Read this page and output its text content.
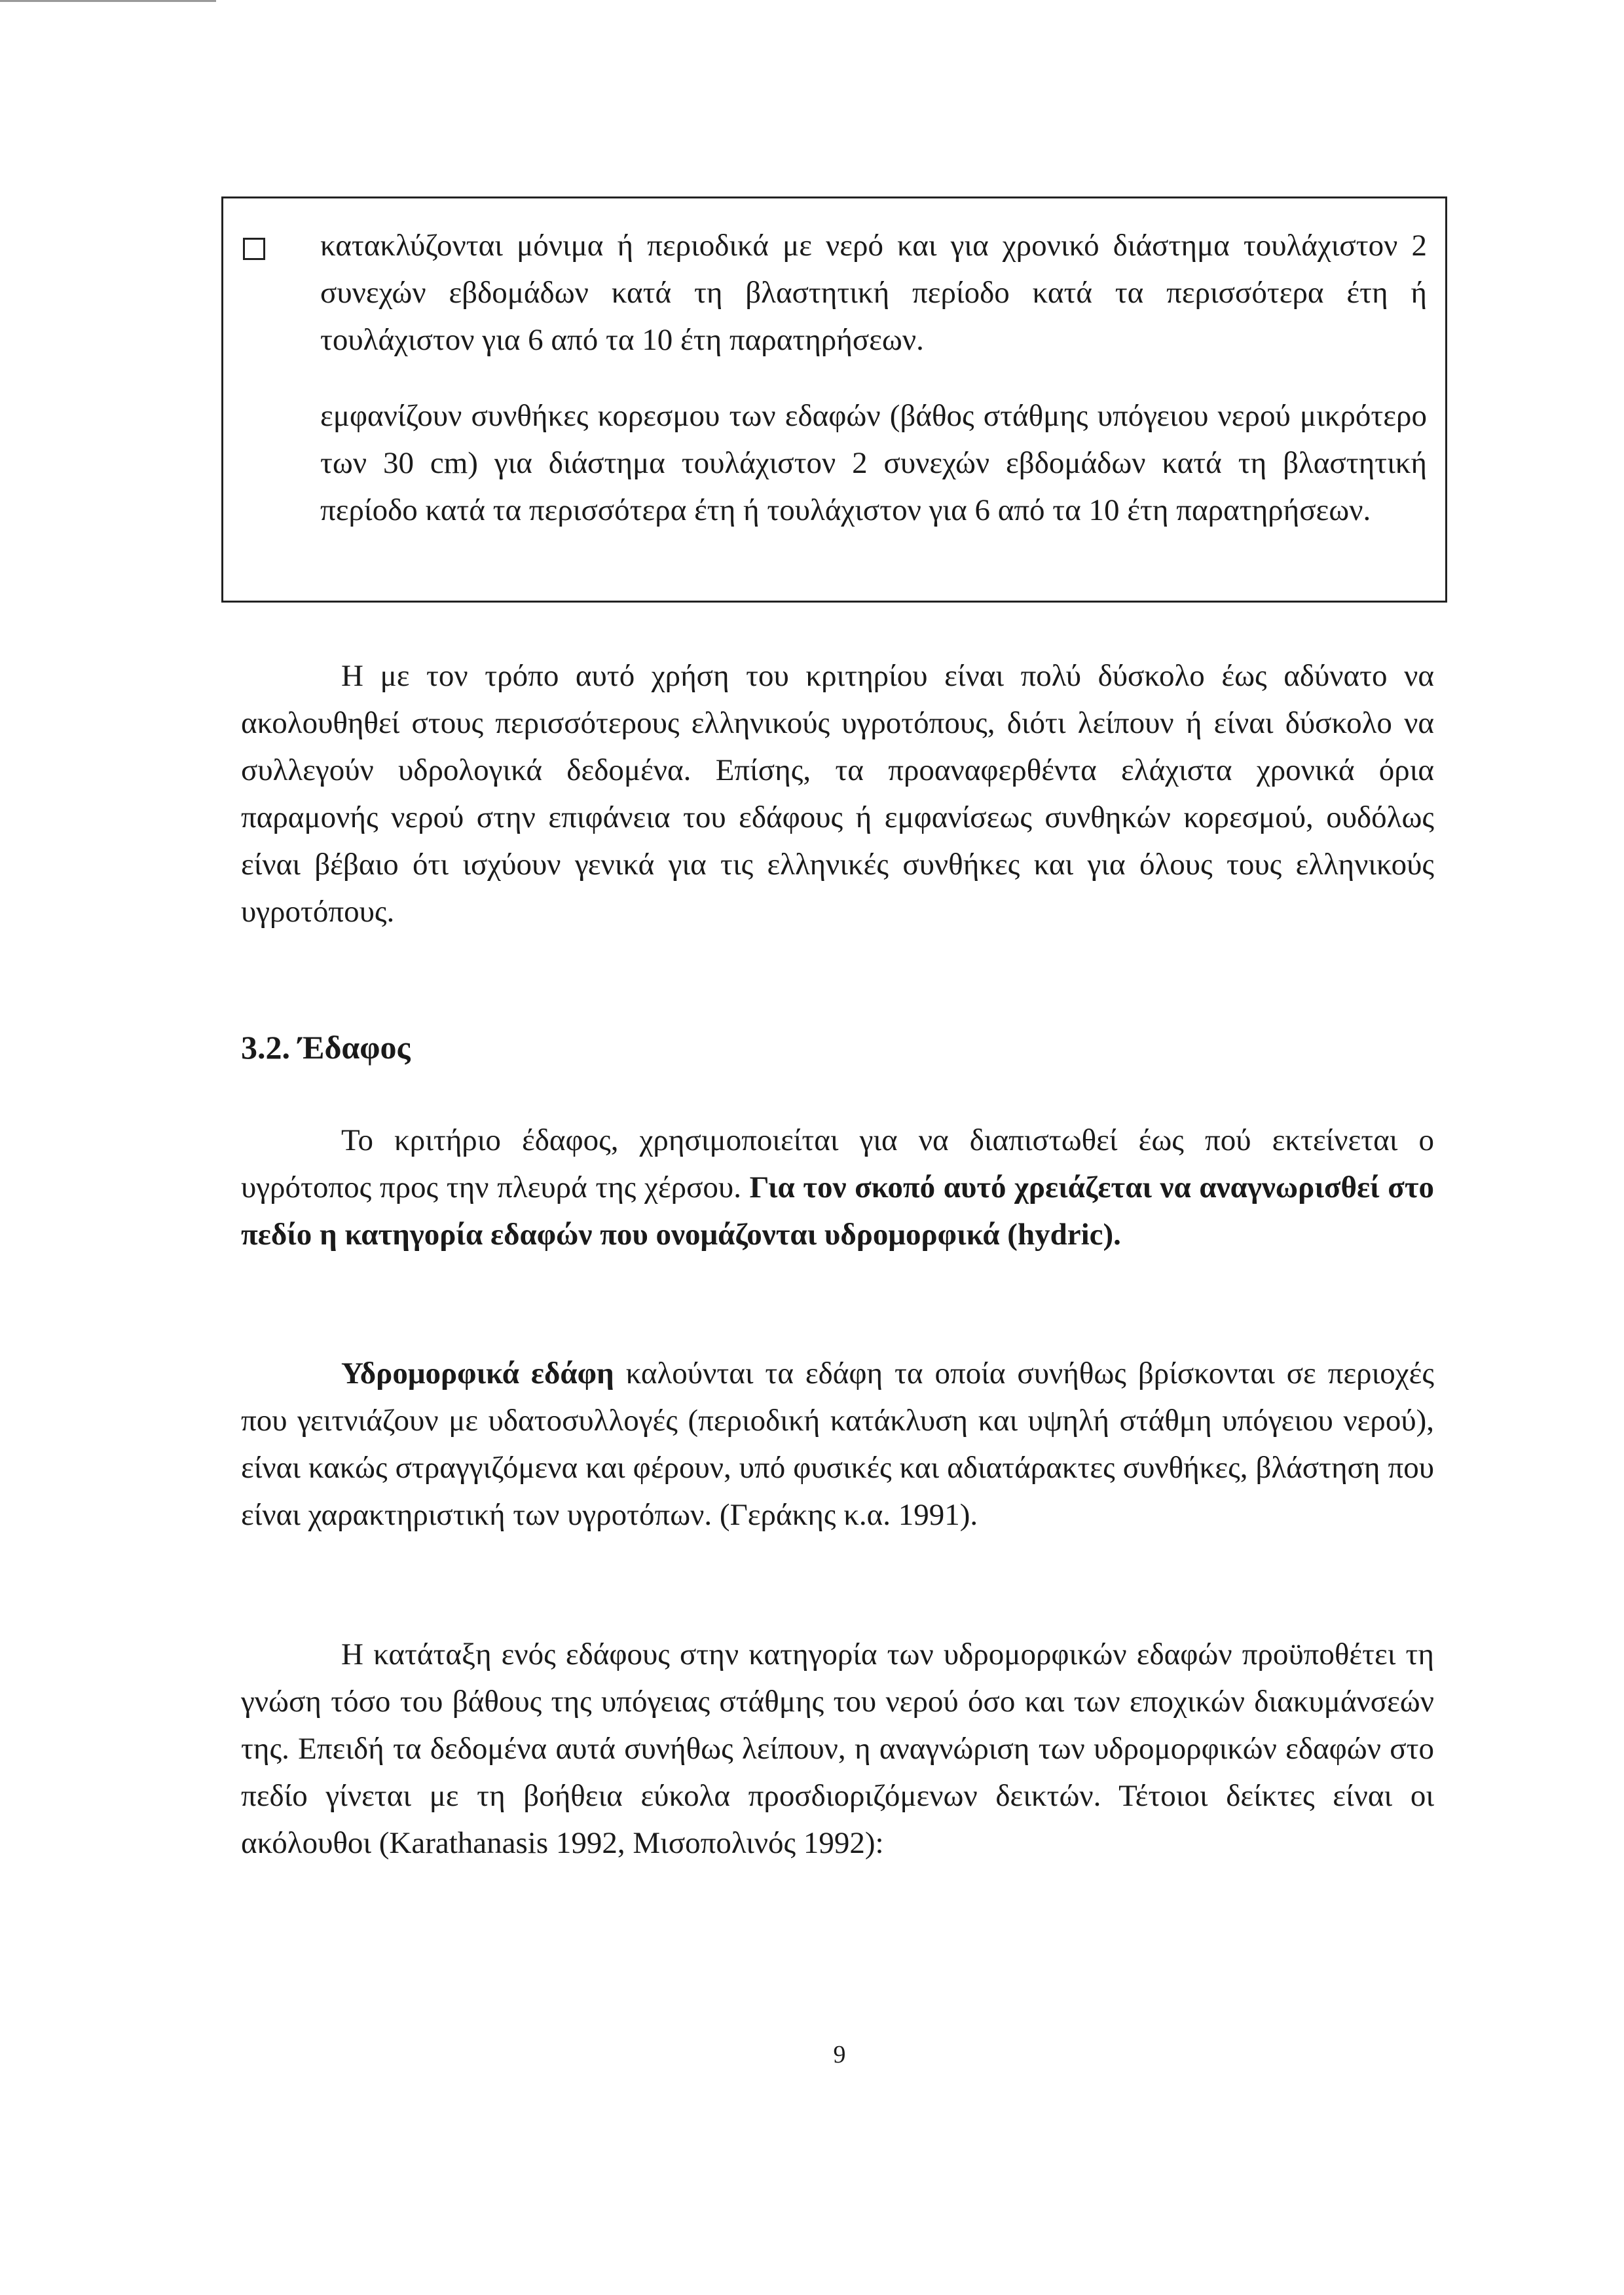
κατακλύζονται μόνιμα ή περιοδικά με νερό και για χρονικό διάστημα τουλάχιστον 2 συνεχών εβδομάδων κατά τη βλαστητική περίοδο κατά τα περισσότερα έτη ή τουλάχιστον για 6 από τα 10 έτη παρατηρήσεων.

εμφανίζουν συνθήκες κορεσμου των εδαφών (βάθος στάθμης υπόγειου νερού μικρότερο των 30 cm) για διάστημα τουλάχιστον 2 συνεχών εβδομάδων κατά τη βλαστητική περίοδο κατά τα περισσότερα έτη ή τουλάχιστον για 6 από τα 10 έτη παρατηρήσεων.

Η με τον τρόπο αυτό χρήση του κριτηρίου είναι πολύ δύσκολο έως αδύνατο να ακολουθηθεί στους περισσότερους ελληνικούς υγροτόπους, διότι λείπουν ή είναι δύσκολο να συλλεγούν υδρολογικά δεδομένα. Επίσης, τα προαναφερθέντα ελάχιστα χρονικά όρια παραμονής νερού στην επιφάνεια του εδάφους ή εμφανίσεως συνθηκών κορεσμού, ουδόλως είναι βέβαιο ότι ισχύουν γενικά για τις ελληνικές συνθήκες και για όλους τους ελληνικούς υγροτόπους.

3.2. Έδαφος

Το κριτήριο έδαφος, χρησιμοποιείται για να διαπιστωθεί έως πού εκτείνεται ο υγρότοπος προς την πλευρά της χέρσου. Για τον σκοπό αυτό χρειάζεται να αναγνωρισθεί στο πεδίο η κατηγορία εδαφών που ονομάζονται υδρομορφικά (hydric).

Υδρομορφικά εδάφη καλούνται τα εδάφη τα οποία συνήθως βρίσκονται σε περιοχές που γειτνιάζουν με υδατοσυλλογές (περιοδική κατάκλυση και υψηλή στάθμη υπόγειου νερού), είναι κακώς στραγγιζόμενα και φέρουν, υπό φυσικές και αδιατάρακτες συνθήκες, βλάστηση που είναι χαρακτηριστική των υγροτόπων. (Γεράκης κ.α. 1991).

Η κατάταξη ενός εδάφους στην κατηγορία των υδρομορφικών εδαφών προϋποθέτει τη γνώση τόσο του βάθους της υπόγειας στάθμης του νερού όσο και των εποχικών διακυμάνσεών της. Επειδή τα δεδομένα αυτά συνήθως λείπουν, η αναγνώριση των υδρομορφικών εδαφών στο πεδίο γίνεται με τη βοήθεια εύκολα προσδιοριζόμενων δεικτών. Τέτοιοι δείκτες είναι οι ακόλουθοι (Karathanasis 1992, Μισοπολινός 1992):

9
